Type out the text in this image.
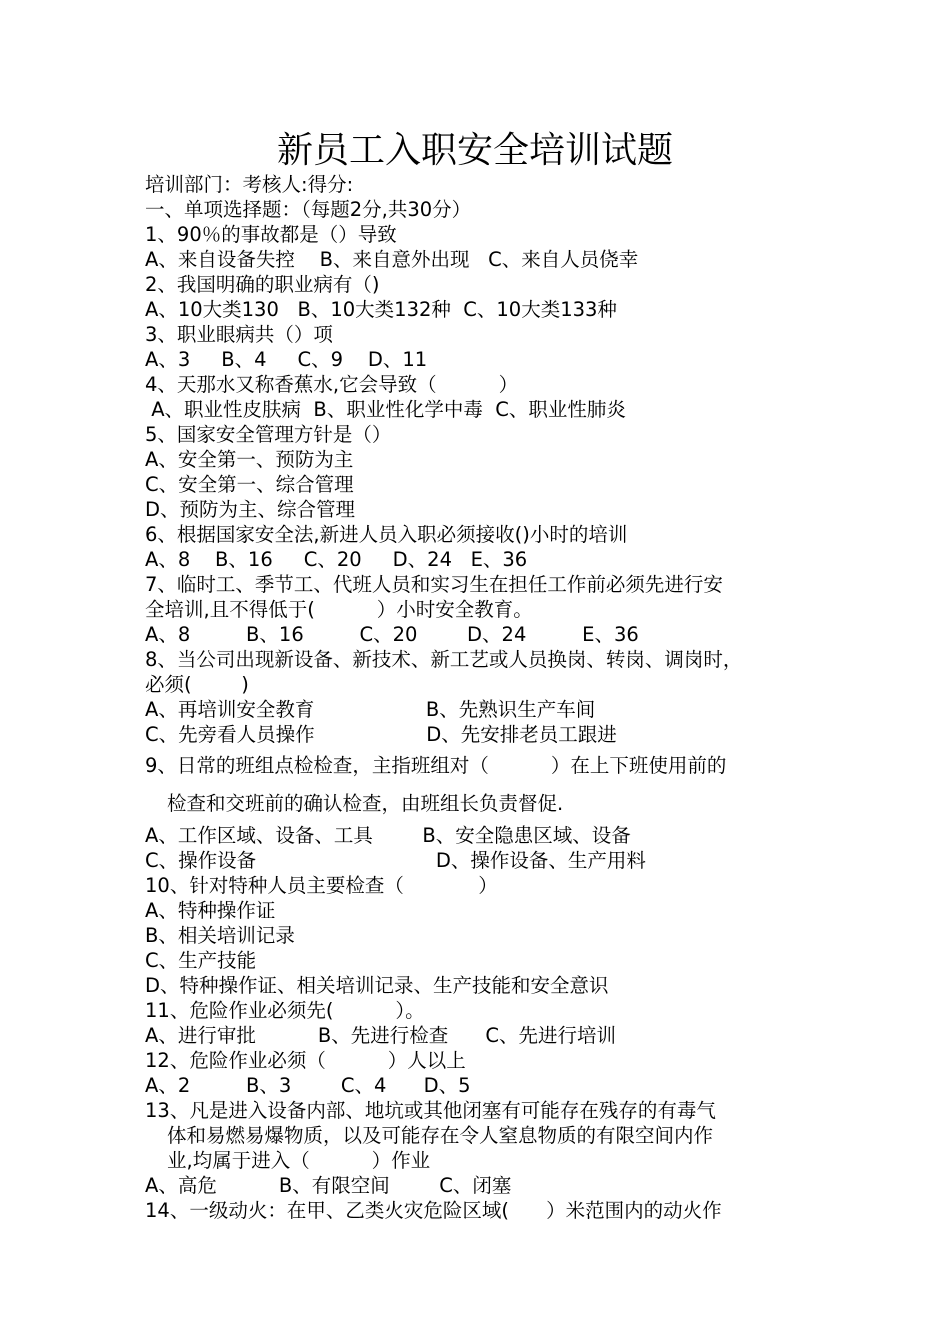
新员工入职安全培训试题
培训部门：考核人:得分:
一、单项选择题：（每题2分,共30分）
1、90％的事故都是（）导致
A、来自设备失控    B、来自意外出现   C、来自人员侥幸
2、我国明确的职业病有（)
A、10大类130   B、10大类132种  C、10大类133种
3、职业眼病共（）项
A、3     B、4     C、9    D、11
4、天那水又称香蕉水,它会导致（          ）
A、职业性皮肤病  B、职业性化学中毒  C、职业性肺炎
5、国家安全管理方针是（）
A、安全第一、预防为主
C、安全第一、综合管理
D、预防为主、综合管理
6、根据国家安全法,新进人员入职必须接收()小时的培训
A、8    B、16     C、20     D、24   E、36
7、临时工、季节工、代班人员和实习生在担任工作前必须先进行安
全培训,且不得低于(          ）小时安全教育。
A、8         B、16         C、20        D、24         E、36
8、当公司出现新设备、新技术、新工艺或人员换岗、转岗、调岗时，
必须(        )
A、再培训安全教育                  B、先熟识生产车间
C、先旁看人员操作                  D、先安排老员工跟进
9、日常的班组点检检查，主指班组对（          ）在上下班使用前的
检查和交班前的确认检查，由班组长负责督促.
A、工作区域、设备、工具        B、安全隐患区域、设备
C、操作设备                             D、操作设备、生产用料
10、针对特种人员主要检查（            ）
A、特种操作证
B、相关培训记录
C、生产技能
D、特种操作证、相关培训记录、生产技能和安全意识
11、危险作业必须先(          ）。
A、进行审批          B、先进行检查      C、先进行培训
12、危险作业必须（          ）人以上
A、2         B、3        C、4      D、5
13、凡是进入设备内部、地坑或其他闭塞有可能存在残存的有毒气
体和易燃易爆物质，以及可能存在令人窒息物质的有限空间内作
业,均属于进入（          ）作业
A、高危          B、有限空间        C、闭塞
14、一级动火：在甲、乙类火灾危险区域(      ）米范围内的动火作
